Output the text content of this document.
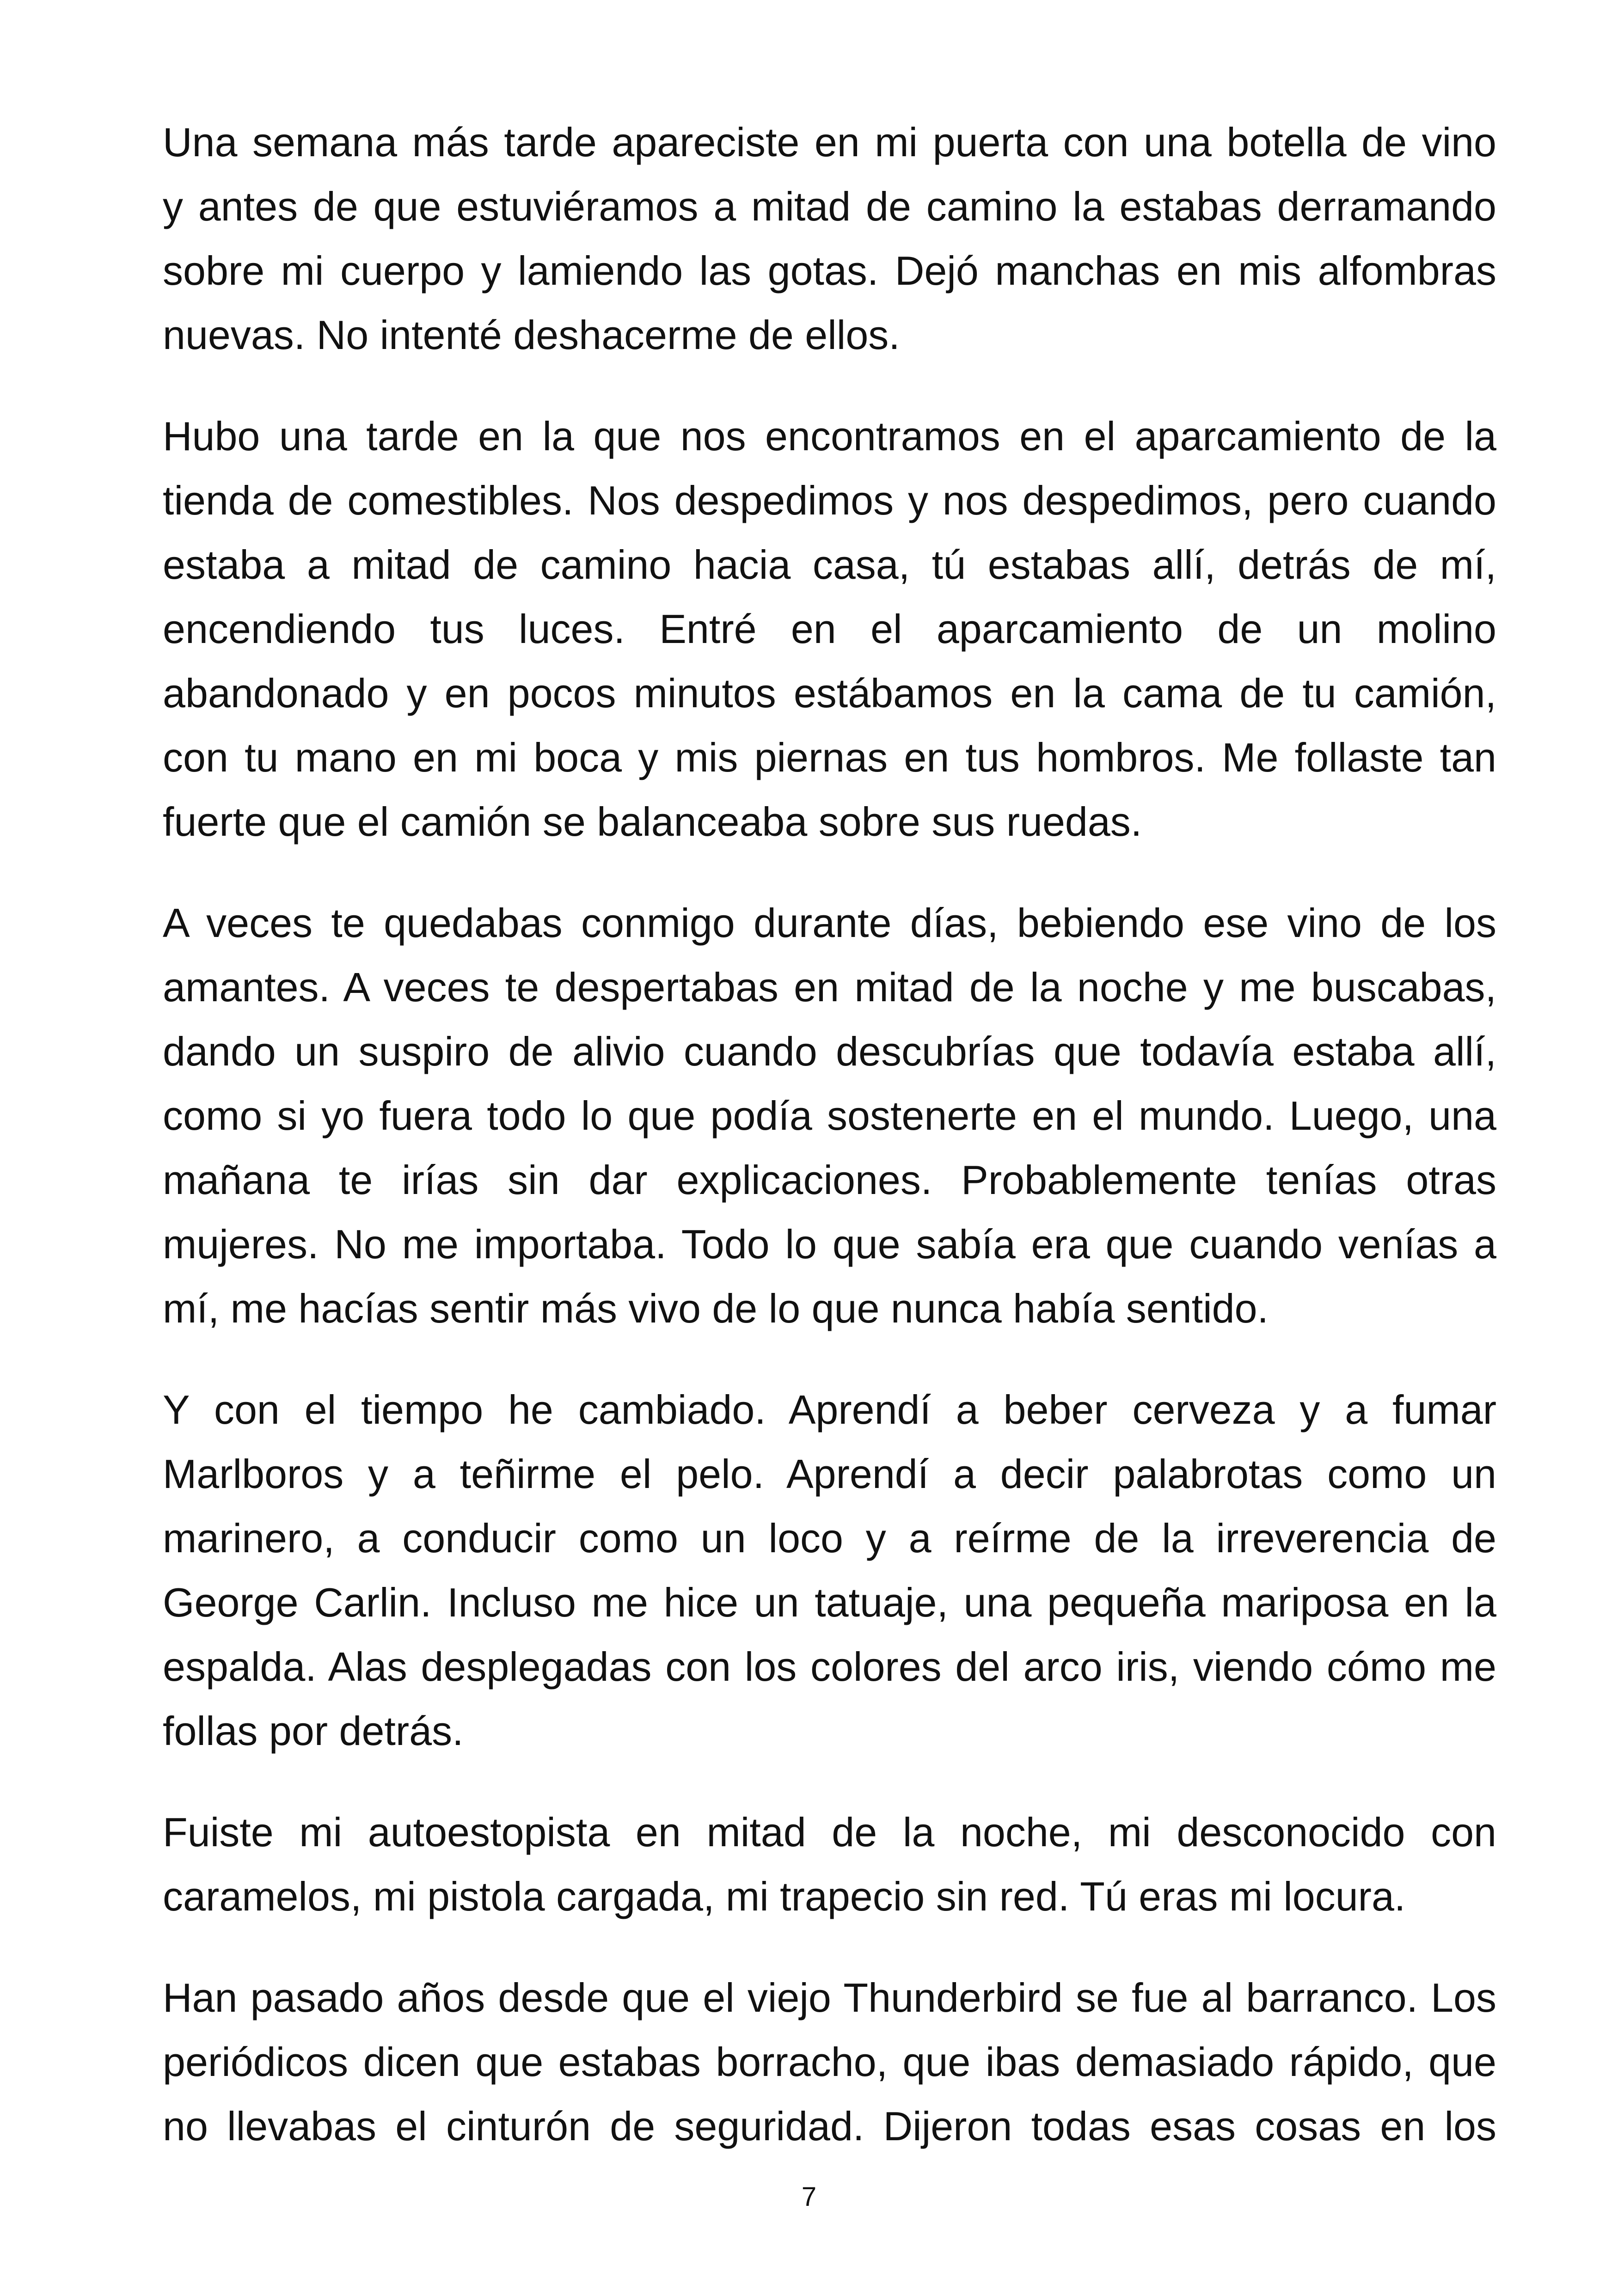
Una semana más tarde apareciste en mi puerta con una botella de vino
y antes de que estuviéramos a mitad de camino la estabas derramando
sobre mi cuerpo y lamiendo las gotas. Dejó manchas en mis alfombras
nuevas. No intenté deshacerme de ellos.
Hubo una tarde en la que nos encontramos en el aparcamiento de la
tienda de comestibles. Nos despedimos y nos despedimos, pero cuando
estaba a mitad de camino hacia casa, tú estabas allí, detrás de mí,
encendiendo tus luces. Entré en el aparcamiento de un molino
abandonado y en pocos minutos estábamos en la cama de tu camión,
con tu mano en mi boca y mis piernas en tus hombros. Me follaste tan
fuerte que el camión se balanceaba sobre sus ruedas.
A veces te quedabas conmigo durante días, bebiendo ese vino de los
amantes. A veces te despertabas en mitad de la noche y me buscabas,
dando un suspiro de alivio cuando descubrías que todavía estaba allí,
como si yo fuera todo lo que podía sostenerte en el mundo. Luego, una
mañana te irías sin dar explicaciones. Probablemente tenías otras
mujeres. No me importaba. Todo lo que sabía era que cuando venías a
mí, me hacías sentir más vivo de lo que nunca había sentido.
Y con el tiempo he cambiado. Aprendí a beber cerveza y a fumar
Marlboros y a teñirme el pelo. Aprendí a decir palabrotas como un
marinero, a conducir como un loco y a reírme de la irreverencia de
George Carlin. Incluso me hice un tatuaje, una pequeña mariposa en la
espalda. Alas desplegadas con los colores del arco iris, viendo cómo me
follas por detrás.
Fuiste mi autoestopista en mitad de la noche, mi desconocido con
caramelos, mi pistola cargada, mi trapecio sin red. Tú eras mi locura.
Han pasado años desde que el viejo Thunderbird se fue al barranco. Los
periódicos dicen que estabas borracho, que ibas demasiado rápido, que
no llevabas el cinturón de seguridad. Dijeron todas esas cosas en los
7
